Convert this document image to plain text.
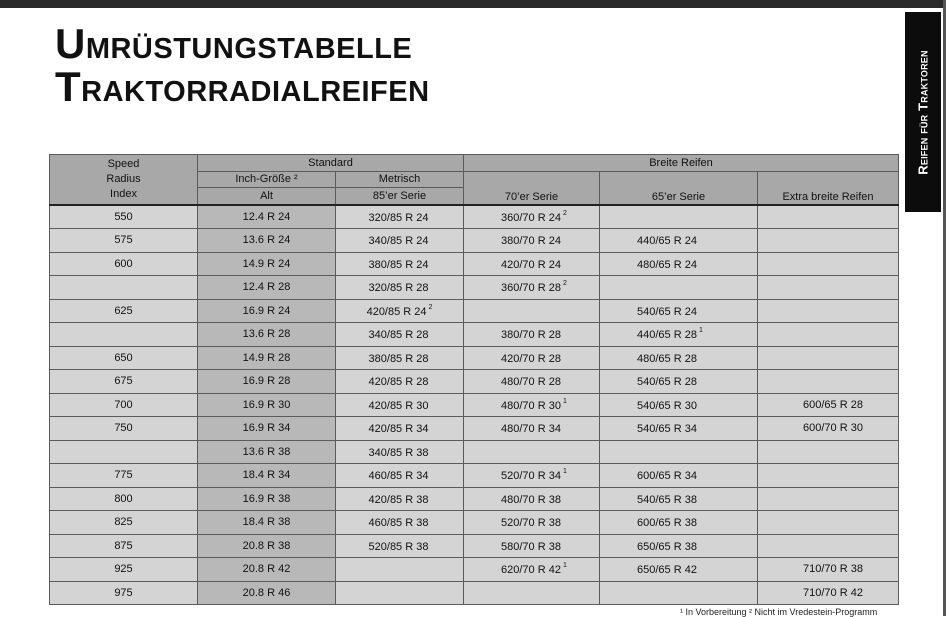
Reifen für Traktoren
Umrüstungstabelle
Traktorradialreifen
Speed
Radius
Index	Standard		Breite Reifen		
	Inch-Größe ²	Metrisch	70’er Serie	65’er Serie	Extra breite Reifen
	Alt	85’er Serie			
550	12.4 R 24	320/85 R 24	360/70 R 24 $^2$		
575	13.6 R 24	340/85 R 24	380/70 R 24	440/65 R 24	
600	14.9 R 24	380/85 R 24	420/70 R 24	480/65 R 24	
	12.4 R 28	320/85 R 28	360/70 R 28 $^2$		
625	16.9 R 24	420/85 R 24 $^2$		540/65 R 24	
	13.6 R 28	340/85 R 28	380/70 R 28	440/65 R 28 $^1$	
650	14.9 R 28	380/85 R 28	420/70 R 28	480/65 R 28	
675	16.9 R 28	420/85 R 28	480/70 R 28	540/65 R 28	
700	16.9 R 30	420/85 R 30	480/70 R 30 $^1$	540/65 R 30	600/65 R 28
750	16.9 R 34	420/85 R 34	480/70 R 34	540/65 R 34	600/70 R 30
	13.6 R 38	340/85 R 38			
775	18.4 R 34	460/85 R 34	520/70 R 34 $^1$	600/65 R 34	
800	16.9 R 38	420/85 R 38	480/70 R 38	540/65 R 38	
825	18.4 R 38	460/85 R 38	520/70 R 38	600/65 R 38	
875	20.8 R 38	520/85 R 38	580/70 R 38	650/65 R 38	
925	20.8 R 42		620/70 R 42 $^1$	650/65 R 42	710/70 R 38
975	20.8 R 46				710/70 R 42
¹ In Vorbereitung ² Nicht im Vredestein-Programm
